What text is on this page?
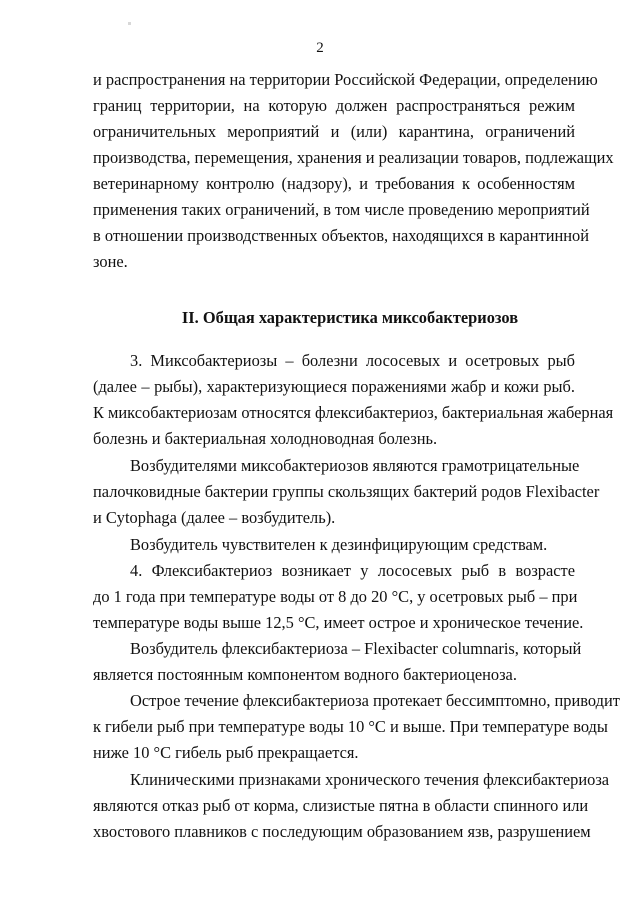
2
и распространения на территории Российской Федерации, определению
границ территории, на которую должен распространяться режим
ограничительных мероприятий и (или) карантина, ограничений
производства, перемещения, хранения и реализации товаров, подлежащих
ветеринарному контролю (надзору), и требования к особенностям
применения таких ограничений, в том числе проведению мероприятий
в отношении производственных объектов, находящихся в карантинной
зоне.
II. Общая характеристика миксобактериозов
3. Миксобактериозы – болезни лососевых и осетровых рыб
(далее – рыбы), характеризующиеся поражениями жабр и кожи рыб.
К миксобактериозам относятся флексибактериоз, бактериальная жаберная
болезнь и бактериальная холодноводная болезнь.
Возбудителями миксобактериозов являются грамотрицательные
палочковидные бактерии группы скользящих бактерий родов Flexibacter
и Cytophaga (далее – возбудитель).
Возбудитель чувствителен к дезинфицирующим средствам.
4. Флексибактериоз возникает у лососевых рыб в возрасте
до 1 года при температуре воды от 8 до 20 °С, у осетровых рыб – при
температуре воды выше 12,5 °С, имеет острое и хроническое течение.
Возбудитель флексибактериоза – Flexibacter columnaris, который
является постоянным компонентом водного бактериоценоза.
Острое течение флексибактериоза протекает бессимптомно, приводит
к гибели рыб при температуре воды 10 °С и выше. При температуре воды
ниже 10 °С гибель рыб прекращается.
Клиническими признаками хронического течения флексибактериоза
являются отказ рыб от корма, слизистые пятна в области спинного или
хвостового плавников с последующим образованием язв, разрушением
